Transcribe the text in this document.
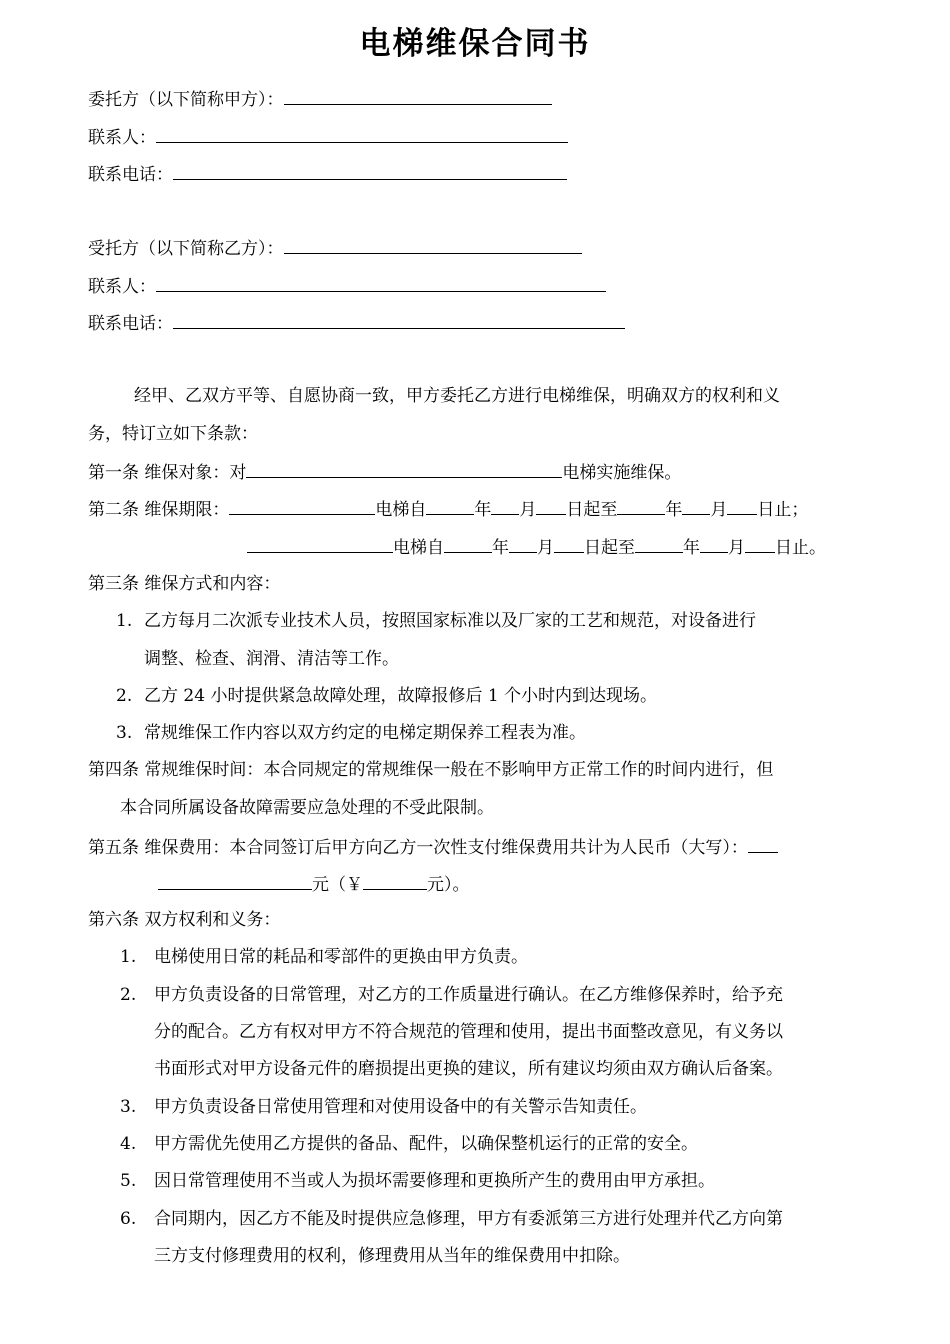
电梯维保合同书
委托方（以下简称甲方）：
联系人：
联系电话：
受托方（以下简称乙方）：
联系人：
联系电话：
经甲、乙双方平等、自愿协商一致，甲方委托乙方进行电梯维保，明确双方的权利和义
务，特订立如下条款：
第一条 维保对象：对	电梯实施维保。
第二条 维保期限：	电梯自	年 月 日起至	年 月 日止；
电梯自	年 月 日起至	年 月 日止。
第三条 维保方式和内容：
1. 乙方每月二次派专业技术人员，按照国家标准以及厂家的工艺和规范，对设备进行
调整、检查、润滑、清洁等工作。
2. 乙方 24 小时提供紧急故障处理，故障报修后 1 个小时内到达现场。
3. 常规维保工作内容以双方约定的电梯定期保养工程表为准。
第四条 常规维保时间：本合同规定的常规维保一般在不影响甲方正常工作的时间内进行，但
本合同所属设备故障需要应急处理的不受此限制。
第五条 维保费用：本合同签订后甲方向乙方一次性支付维保费用共计为人民币（大写）：
元（￥	元）。
第六条 双方权利和义务：
1. 电梯使用日常的耗品和零部件的更换由甲方负责。
2. 甲方负责设备的日常管理，对乙方的工作质量进行确认。在乙方维修保养时，给予充
分的配合。乙方有权对甲方不符合规范的管理和使用，提出书面整改意见，有义务以
书面形式对甲方设备元件的磨损提出更换的建议，所有建议均须由双方确认后备案。
3. 甲方负责设备日常使用管理和对使用设备中的有关警示告知责任。
4. 甲方需优先使用乙方提供的备品、配件，以确保整机运行的正常的安全。
5. 因日常管理使用不当或人为损坏需要修理和更换所产生的费用由甲方承担。
6. 合同期内，因乙方不能及时提供应急修理，甲方有委派第三方进行处理并代乙方向第
三方支付修理费用的权利，修理费用从当年的维保费用中扣除。
